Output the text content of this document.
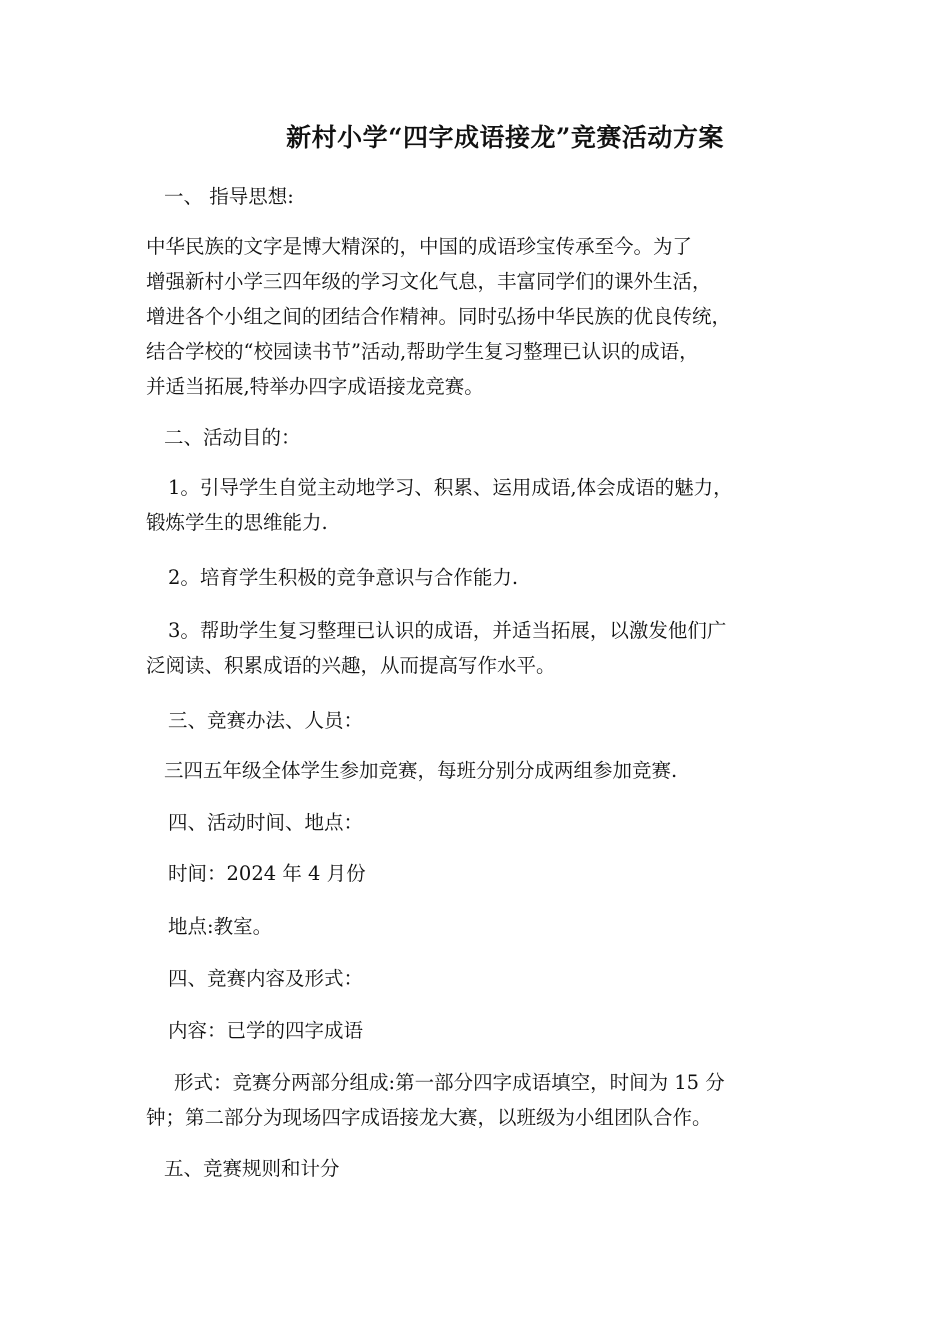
新村小学“四字成语接龙”竞赛活动方案
一、 指导思想:
中华民族的文字是博大精深的，中国的成语珍宝传承至今。为了
增强新村小学三四年级的学习文化气息，丰富同学们的课外生活，
增进各个小组之间的团结合作精神。同时弘扬中华民族的优良传统，
结合学校的“校园读书节”活动,帮助学生复习整理已认识的成语，
并适当拓展,特举办四字成语接龙竞赛。
二、活动目的：
1。引导学生自觉主动地学习、积累、运用成语,体会成语的魅力，
锻炼学生的思维能力.
2。培育学生积极的竞争意识与合作能力.
3。帮助学生复习整理已认识的成语，并适当拓展，以激发他们广
泛阅读、积累成语的兴趣，从而提高写作水平。
三、竞赛办法、人员：
三四五年级全体学生参加竞赛，每班分别分成两组参加竞赛.
四、活动时间、地点：
时间：2024 年 4 月份
地点:教室。
四、竞赛内容及形式：
内容：已学的四字成语
形式：竞赛分两部分组成:第一部分四字成语填空，时间为 15 分
钟；第二部分为现场四字成语接龙大赛，以班级为小组团队合作。
五、竞赛规则和计分
